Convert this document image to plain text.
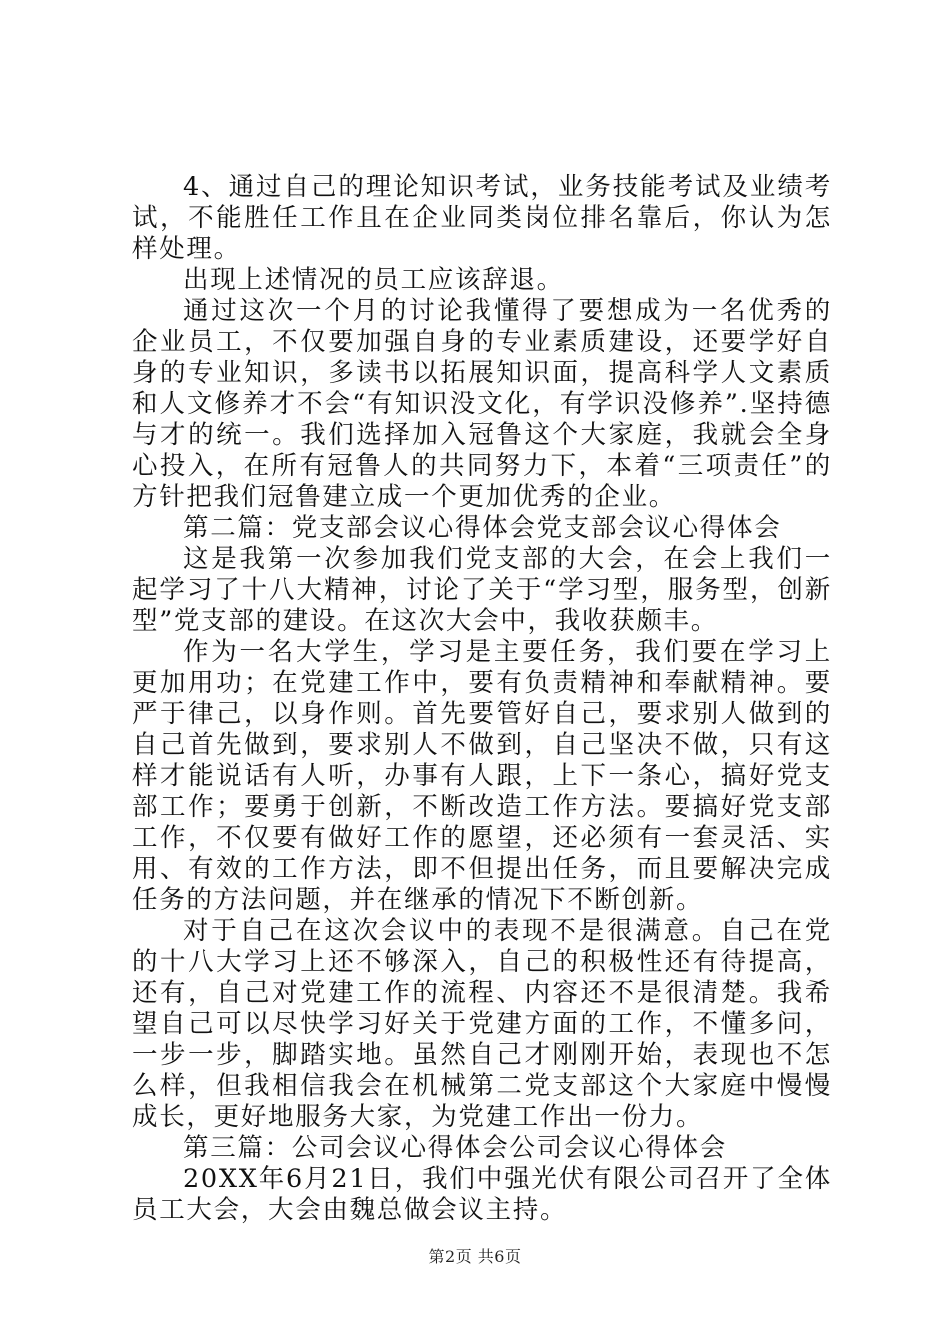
4、通过自己的理论知识考试，业务技能考试及业绩考试，不能胜任工作且在企业同类岗位排名靠后，你认为怎样处理。

出现上述情况的员工应该辞退。

通过这次一个月的讨论我懂得了要想成为一名优秀的企业员工，不仅要加强自身的专业素质建设，还要学好自身的专业知识，多读书以拓展知识面，提高科学人文素质和人文修养才不会“有知识没文化，有学识没修养”.坚持德与才的统一。我们选择加入冠鲁这个大家庭，我就会全身心投入，在所有冠鲁人的共同努力下，本着“三项责任”的方针把我们冠鲁建立成一个更加优秀的企业。

第二篇：党支部会议心得体会党支部会议心得体会

这是我第一次参加我们党支部的大会，在会上我们一起学习了十八大精神，讨论了关于“学习型，服务型，创新型”党支部的建设。在这次大会中，我收获颇丰。

作为一名大学生，学习是主要任务，我们要在学习上更加用功；在党建工作中，要有负责精神和奉献精神。要严于律己，以身作则。首先要管好自己，要求别人做到的自己首先做到，要求别人不做到，自己坚决不做，只有这样才能说话有人听，办事有人跟，上下一条心，搞好党支部工作；要勇于创新，不断改造工作方法。要搞好党支部工作，不仅要有做好工作的愿望，还必须有一套灵活、实用、有效的工作方法，即不但提出任务，而且要解决完成任务的方法问题，并在继承的情况下不断创新。

对于自己在这次会议中的表现不是很满意。自己在党的十八大学习上还不够深入，自己的积极性还有待提高，还有，自己对党建工作的流程、内容还不是很清楚。我希望自己可以尽快学习好关于党建方面的工作，不懂多问，一步一步，脚踏实地。虽然自己才刚刚开始，表现也不怎么样，但我相信我会在机械第二党支部这个大家庭中慢慢成长，更好地服务大家，为党建工作出一份力。

第三篇：公司会议心得体会公司会议心得体会

20XX年6月21日，我们中强光伏有限公司召开了全体员工大会，大会由魏总做会议主持。

第2页 共6页
